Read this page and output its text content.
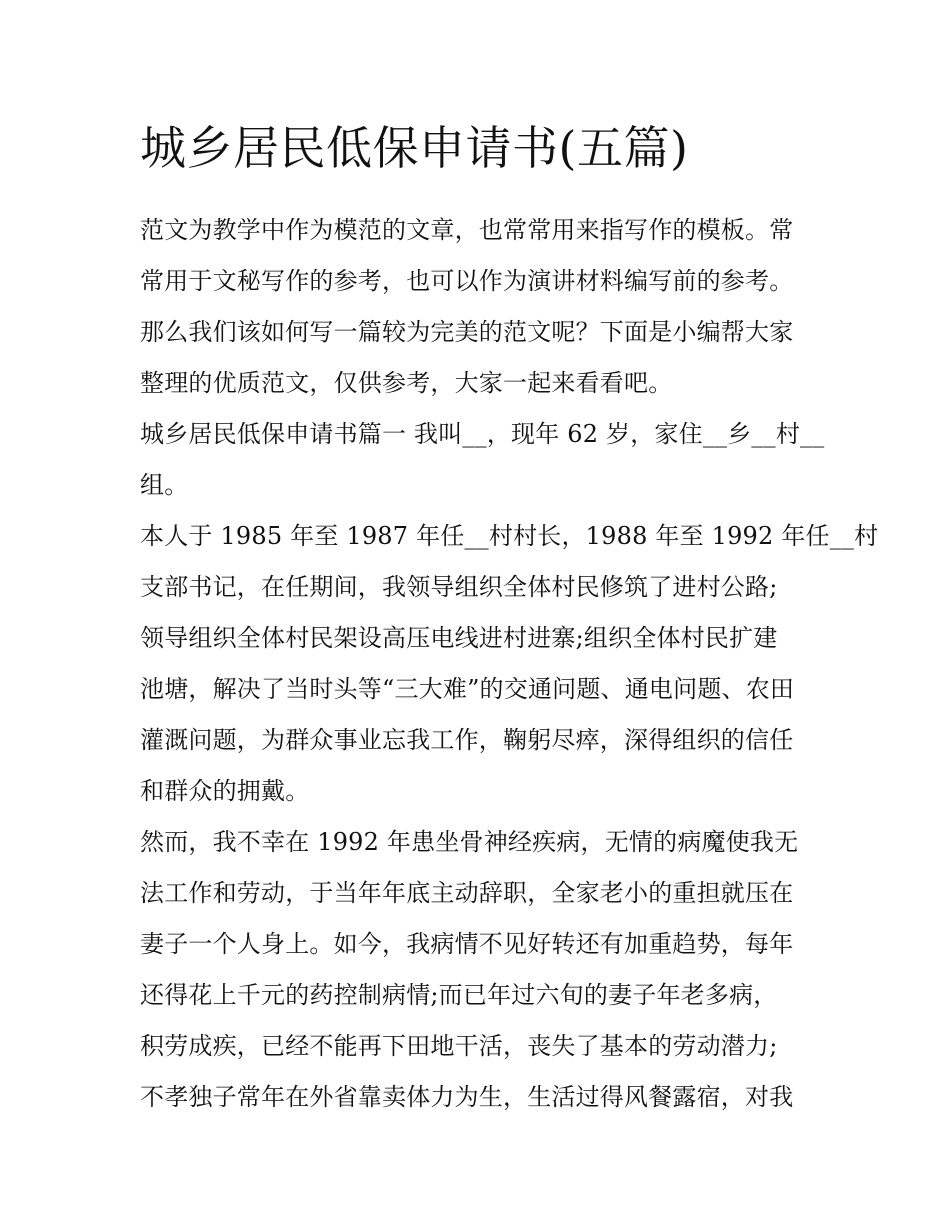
城乡居民低保申请书(五篇)

范文为教学中作为模范的文章，也常常用来指写作的模板。常
常用于文秘写作的参考，也可以作为演讲材料编写前的参考。
那么我们该如何写一篇较为完美的范文呢？下面是小编帮大家
整理的优质范文，仅供参考，大家一起来看看吧。

城乡居民低保申请书篇一 我叫__，现年 62 岁，家住__乡__村__
组。

本人于 1985 年至 1987 年任__村村长，1988 年至 1992 年任__村
支部书记，在任期间，我领导组织全体村民修筑了进村公路;
领导组织全体村民架设高压电线进村进寨;组织全体村民扩建
池塘，解决了当时头等“三大难”的交通问题、通电问题、农田
灌溉问题，为群众事业忘我工作，鞠躬尽瘁，深得组织的信任
和群众的拥戴。

然而，我不幸在 1992 年患坐骨神经疾病，无情的病魔使我无
法工作和劳动，于当年年底主动辞职，全家老小的重担就压在
妻子一个人身上。如今，我病情不见好转还有加重趋势，每年
还得花上千元的药控制病情;而已年过六旬的妻子年老多病，
积劳成疾，已经不能再下田地干活，丧失了基本的劳动潜力;
不孝独子常年在外省靠卖体力为生，生活过得风餐露宿，对我
